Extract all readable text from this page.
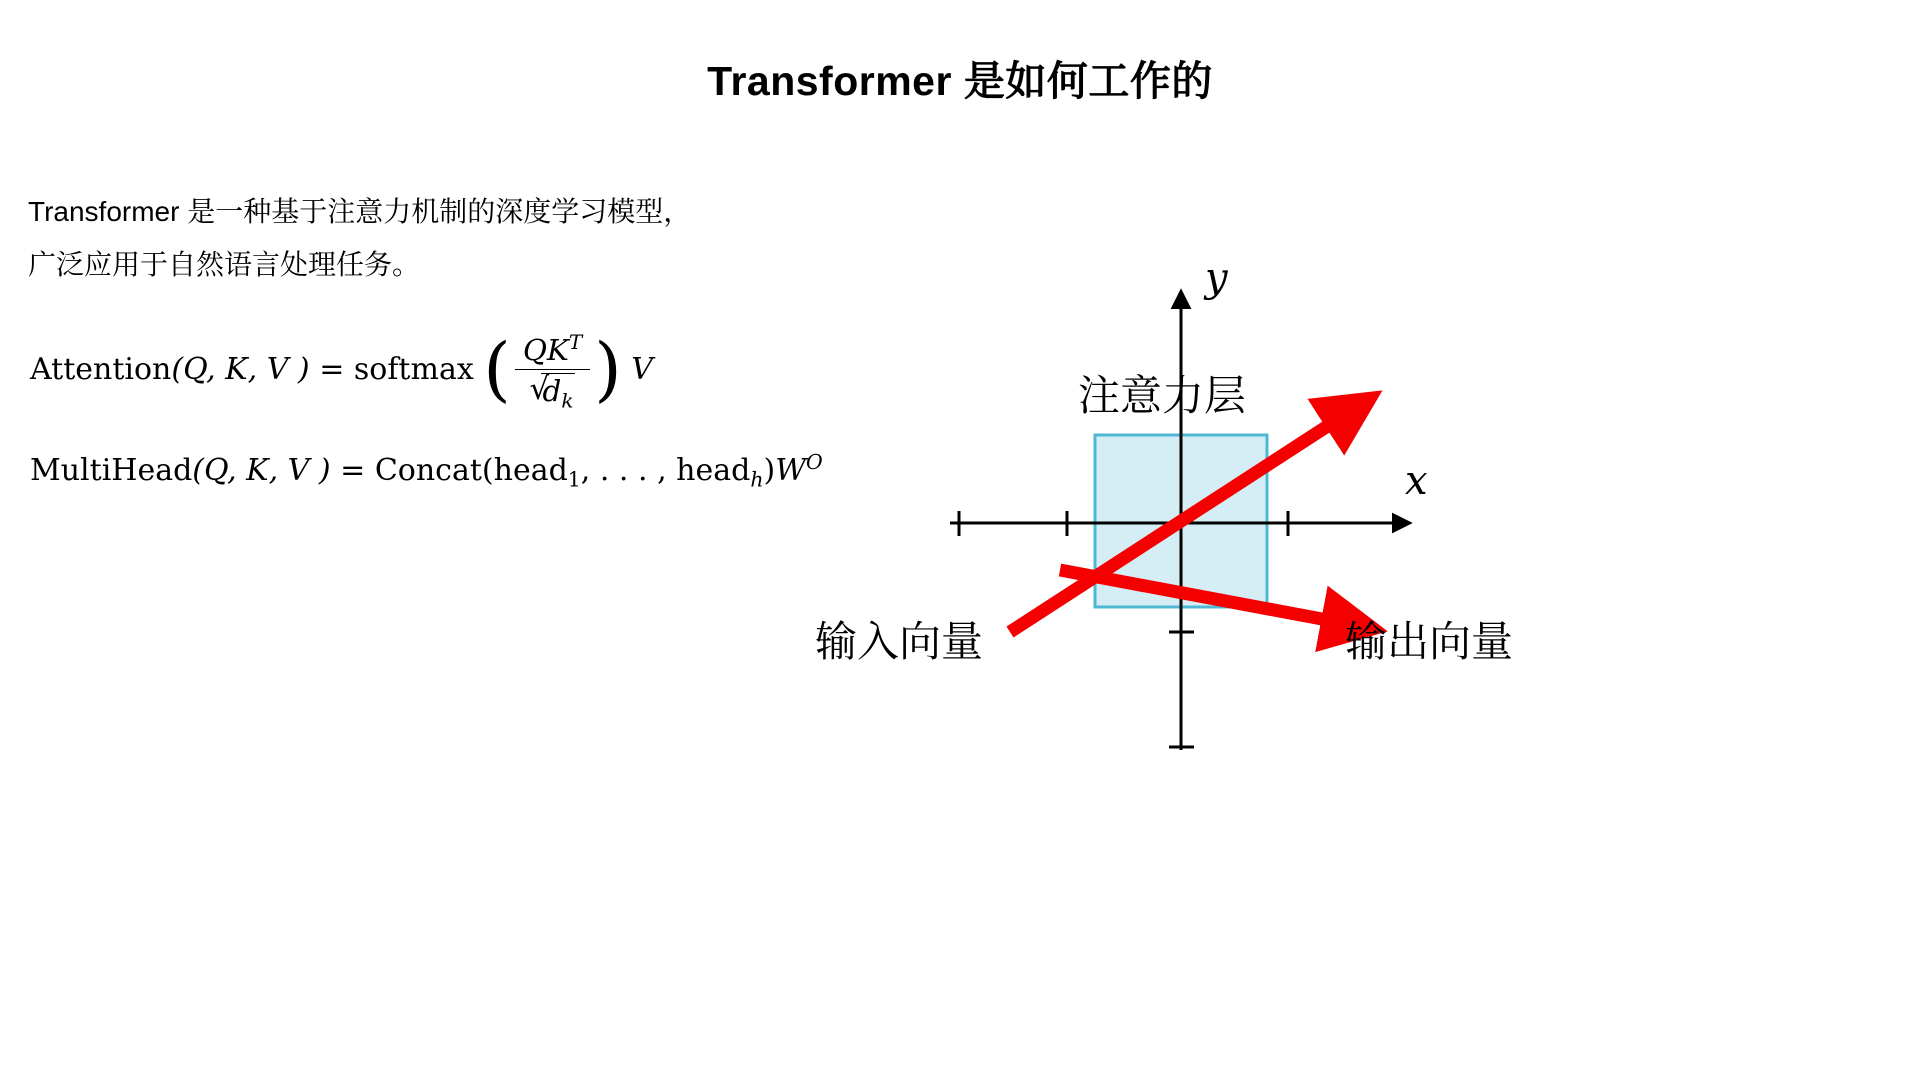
Transformer 是如何工作的
Transformer 是一种基于注意力机制的深度学习模型，
广泛应用于自然语言处理任务。
Attention(Q, K, V ) = softmax ( $QK^T$
√ $d_k$ ) V
MultiHead(Q, K, V ) = Concat(head$_1$, . . . , $head_h)W^O$
注意力层
输入向量	输出向量
y
x
